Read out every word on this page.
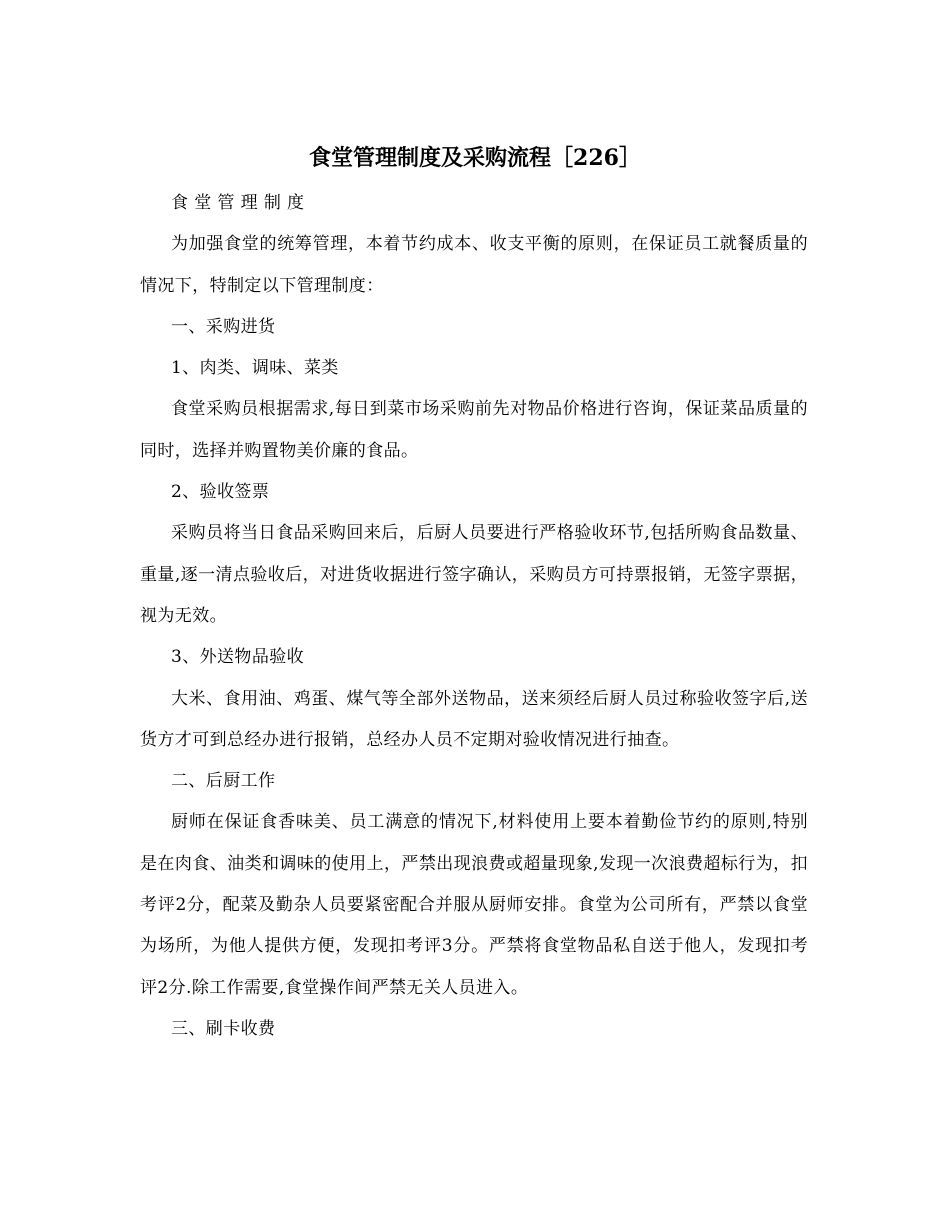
食堂管理制度及采购流程［226］

食 堂 管 理 制 度

为加强食堂的统筹管理，本着节约成本、收支平衡的原则，在保证员工就餐质量的情况下，特制定以下管理制度：

一、采购进货

1、肉类、调味、菜类

食堂采购员根据需求,每日到菜市场采购前先对物品价格进行咨询，保证菜品质量的同时，选择并购置物美价廉的食品。

2、验收签票

采购员将当日食品采购回来后，后厨人员要进行严格验收环节,包括所购食品数量、重量,逐一清点验收后，对进货收据进行签字确认，采购员方可持票报销，无签字票据，视为无效。

3、外送物品验收

大米、食用油、鸡蛋、煤气等全部外送物品，送来须经后厨人员过称验收签字后,送货方才可到总经办进行报销，总经办人员不定期对验收情况进行抽查。

二、后厨工作

厨师在保证食香味美、员工满意的情况下,材料使用上要本着勤俭节约的原则,特别是在肉食、油类和调味的使用上，严禁出现浪费或超量现象,发现一次浪费超标行为，扣考评2分，配菜及勤杂人员要紧密配合并服从厨师安排。食堂为公司所有，严禁以食堂为场所，为他人提供方便，发现扣考评3分。严禁将食堂物品私自送于他人，发现扣考评2分.除工作需要,食堂操作间严禁无关人员进入。

三、刷卡收费
